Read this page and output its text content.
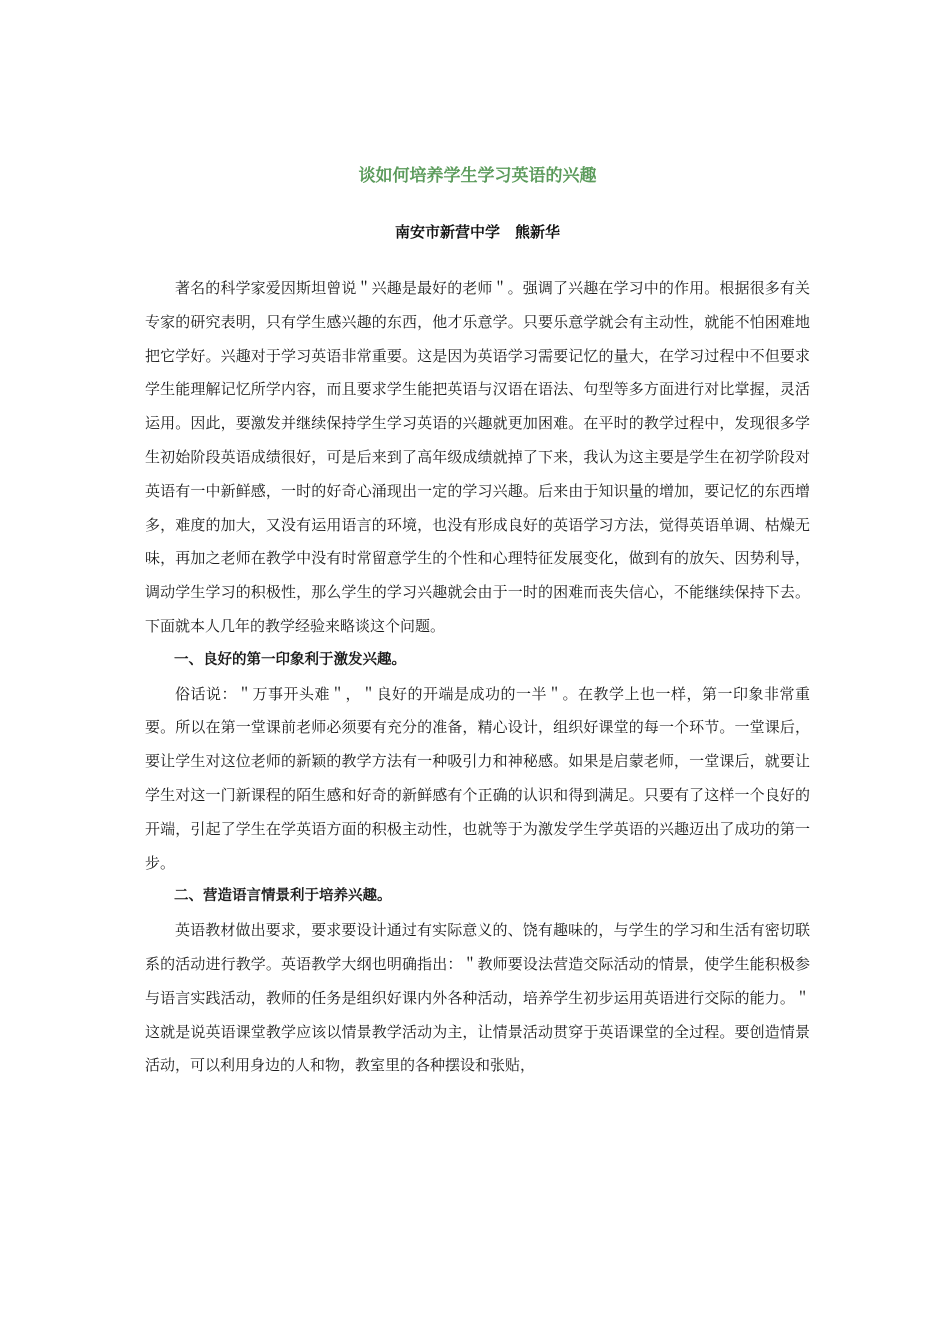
谈如何培养学生学习英语的兴趣

南安市新营中学　熊新华

著名的科学家爱因斯坦曾说＂兴趣是最好的老师＂。强调了兴趣在学习中的作用。根据很多有关专家的研究表明，只有学生感兴趣的东西，他才乐意学。只要乐意学就会有主动性，就能不怕困难地把它学好。兴趣对于学习英语非常重要。这是因为英语学习需要记忆的量大，在学习过程中不但要求学生能理解记忆所学内容，而且要求学生能把英语与汉语在语法、句型等多方面进行对比掌握，灵活运用。因此，要激发并继续保持学生学习英语的兴趣就更加困难。在平时的教学过程中，发现很多学生初始阶段英语成绩很好，可是后来到了高年级成绩就掉了下来，我认为这主要是学生在初学阶段对英语有一中新鲜感，一时的好奇心涌现出一定的学习兴趣。后来由于知识量的增加，要记忆的东西增多，难度的加大，又没有运用语言的环境，也没有形成良好的英语学习方法，觉得英语单调、枯燥无味，再加之老师在教学中没有时常留意学生的个性和心理特征发展变化，做到有的放矢、因势利导，调动学生学习的积极性，那么学生的学习兴趣就会由于一时的困难而丧失信心，不能继续保持下去。下面就本人几年的教学经验来略谈这个问题。

一、良好的第一印象利于激发兴趣。

俗话说：＂万事开头难＂，＂良好的开端是成功的一半＂。在教学上也一样，第一印象非常重要。所以在第一堂课前老师必须要有充分的准备，精心设计，组织好课堂的每一个环节。一堂课后，要让学生对这位老师的新颖的教学方法有一种吸引力和神秘感。如果是启蒙老师，一堂课后，就要让学生对这一门新课程的陌生感和好奇的新鲜感有个正确的认识和得到满足。只要有了这样一个良好的开端，引起了学生在学英语方面的积极主动性，也就等于为激发学生学英语的兴趣迈出了成功的第一步。

二、营造语言情景利于培养兴趣。

英语教材做出要求，要求要设计通过有实际意义的、饶有趣味的，与学生的学习和生活有密切联系的活动进行教学。英语教学大纲也明确指出：＂教师要设法营造交际活动的情景，使学生能积极参与语言实践活动，教师的任务是组织好课内外各种活动，培养学生初步运用英语进行交际的能力。＂这就是说英语课堂教学应该以情景教学活动为主，让情景活动贯穿于英语课堂的全过程。要创造情景活动，可以利用身边的人和物，教室里的各种摆设和张贴，
